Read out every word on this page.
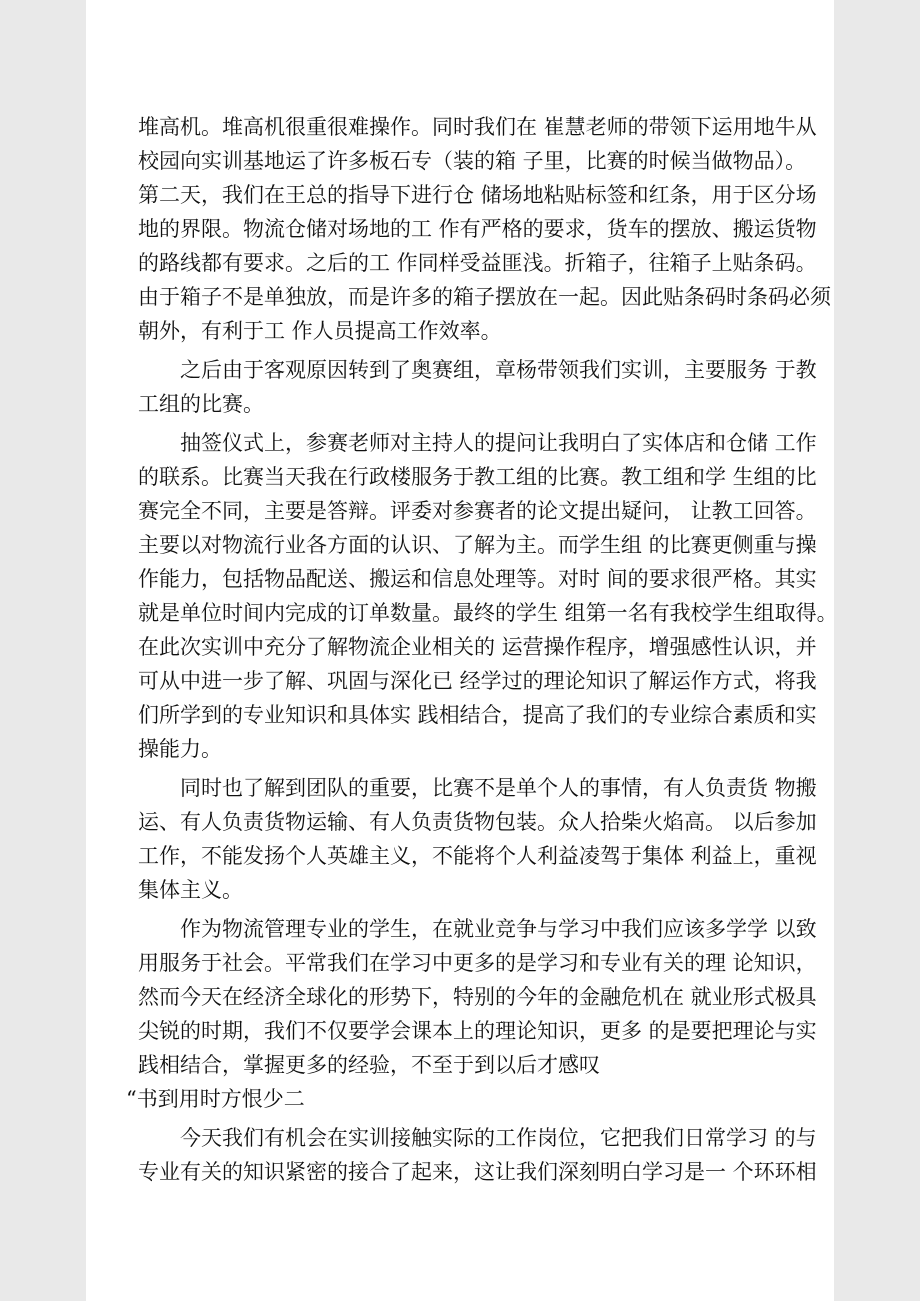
堆高机。堆高机很重很难操作。同时我们在 崔慧老师的带领下运用地牛从
校园向实训基地运了许多板石专（装的箱 子里，比赛的时候当做物品）。
第二天，我们在王总的指导下进行仓 储场地粘贴标签和红条，用于区分场
地的界限。物流仓储对场地的工 作有严格的要求，货车的摆放、搬运货物
的路线都有要求。之后的工 作同样受益匪浅。折箱子，往箱子上贴条码。
由于箱子不是单独放，而是许多的箱子摆放在一起。因此贴条码时条码必须
朝外，有利于工 作人员提高工作效率。
之后由于客观原因转到了奥赛组，章杨带领我们实训，主要服务 于教
工组的比赛。
抽签仪式上，参赛老师对主持人的提问让我明白了实体店和仓储 工作
的联系。比赛当天我在行政楼服务于教工组的比赛。教工组和学 生组的比
赛完全不同，主要是答辩。评委对参赛者的论文提出疑问， 让教工回答。
主要以对物流行业各方面的认识、了解为主。而学生组 的比赛更侧重与操
作能力，包括物品配送、搬运和信息处理等。对时 间的要求很严格。其实
就是单位时间内完成的订单数量。最终的学生 组第一名有我校学生组取得。
在此次实训中充分了解物流企业相关的 运营操作程序，增强感性认识，并
可从中进一步了解、巩固与深化已 经学过的理论知识了解运作方式，将我
们所学到的专业知识和具体实 践相结合，提高了我们的专业综合素质和实
操能力。
同时也了解到团队的重要，比赛不是单个人的事情，有人负责货 物搬
运、有人负责货物运输、有人负责货物包装。众人拾柴火焰高。 以后参加
工作，不能发扬个人英雄主义，不能将个人利益凌驾于集体 利益上，重视
集体主义。
作为物流管理专业的学生，在就业竞争与学习中我们应该多学学 以致
用服务于社会。平常我们在学习中更多的是学习和专业有关的理 论知识，
然而今天在经济全球化的形势下，特别的今年的金融危机在 就业形式极具
尖锐的时期，我们不仅要学会课本上的理论知识，更多 的是要把理论与实
践相结合，掌握更多的经验，不至于到以后才感叹
“书到用时方恨少二
今天我们有机会在实训接触实际的工作岗位，它把我们日常学习 的与
专业有关的知识紧密的接合了起来，这让我们深刻明白学习是一 个环环相
